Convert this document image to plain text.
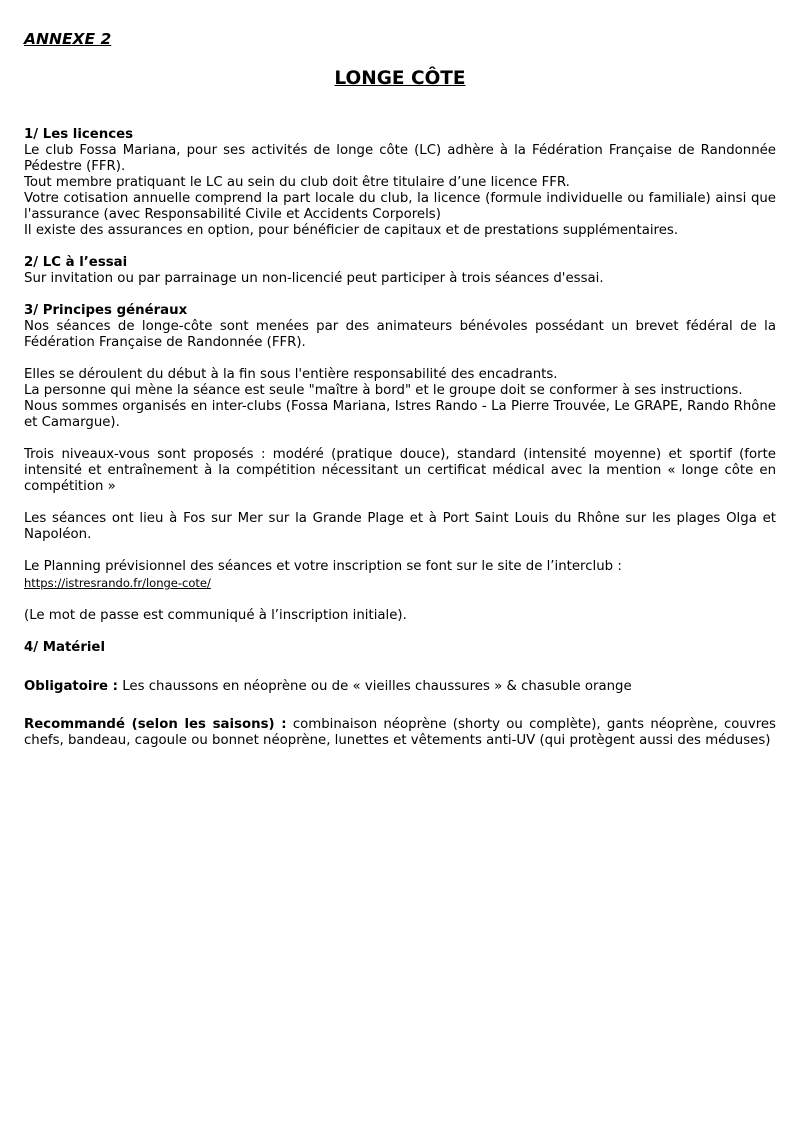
ANNEXE 2

LONGE CÔTE

1/ Les licences

Le club Fossa Mariana, pour ses activités de longe côte (LC) adhère à la Fédération Française de Randonnée Pédestre (FFR).

Tout membre pratiquant le LC au sein du club doit être titulaire d’une licence FFR.

Votre cotisation annuelle comprend la part locale du club, la licence (formule individuelle ou familiale) ainsi que l'assurance (avec Responsabilité Civile et Accidents Corporels)

Il existe des assurances en option, pour bénéficier de capitaux et de prestations supplémentaires.

2/ LC à l’essai

Sur invitation ou par parrainage un non-licencié peut participer à trois séances d'essai.

3/ Principes généraux

Nos séances de longe-côte sont menées par des animateurs bénévoles possédant un brevet fédéral de la Fédération Française de Randonnée (FFR).

Elles se déroulent du début à la fin sous l'entière responsabilité des encadrants.

La personne qui mène la séance est seule "maître à bord" et le groupe doit se conformer à ses instructions.

Nous sommes organisés en inter-clubs (Fossa Mariana, Istres Rando - La Pierre Trouvée, Le GRAPE, Rando Rhône et Camargue).

Trois niveaux-vous sont proposés : modéré (pratique douce), standard (intensité moyenne) et sportif (forte intensité et entraînement à la compétition nécessitant un certificat médical avec la mention « longe côte en compétition »

Les séances ont lieu à Fos sur Mer sur la Grande Plage et à Port Saint Louis du Rhône sur les plages Olga et Napoléon.

Le Planning prévisionnel des séances et votre inscription se font sur le site de l’interclub :

https://istresrando.fr/longe-cote/

(Le mot de passe est communiqué à l’inscription initiale).

4/ Matériel

Obligatoire : Les chaussons en néoprène ou de « vieilles chaussures » & chasuble orange

Recommandé (selon les saisons) : combinaison néoprène (shorty ou complète), gants néoprène, couvres chefs, bandeau, cagoule ou bonnet néoprène, lunettes et vêtements anti-UV (qui protègent aussi des méduses)
